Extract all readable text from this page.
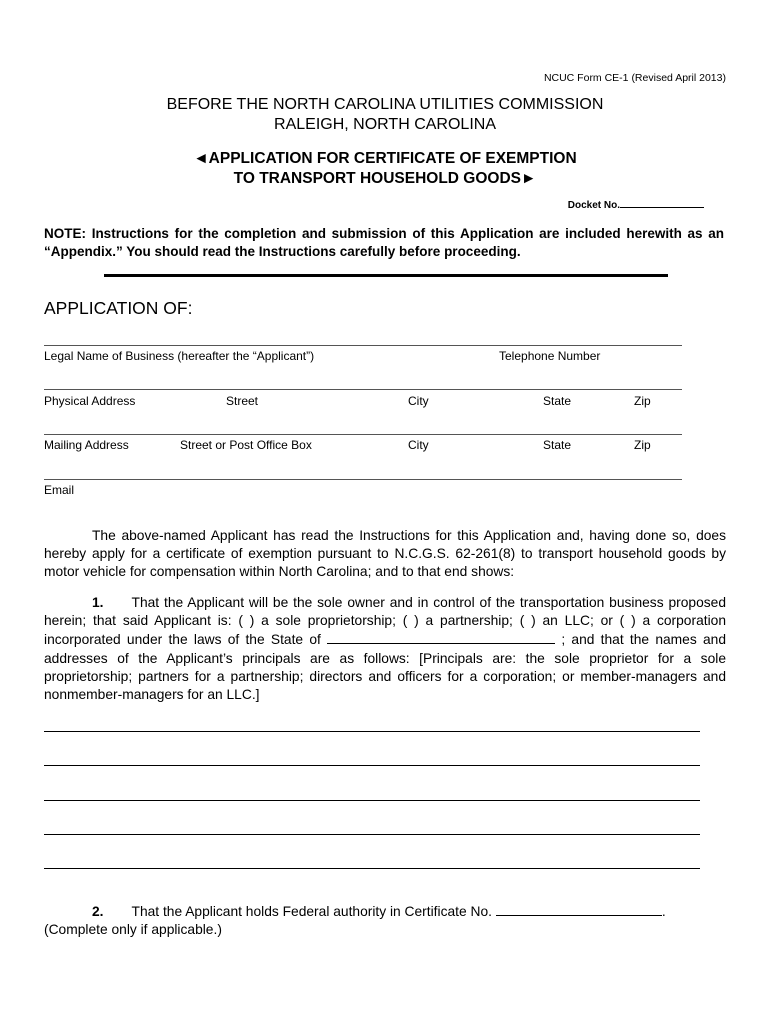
NCUC Form CE-1 (Revised April 2013)
BEFORE THE NORTH CAROLINA UTILITIES COMMISSION
RALEIGH, NORTH CAROLINA
◄APPLICATION FOR CERTIFICATE OF EXEMPTION
TO TRANSPORT HOUSEHOLD GOODS►
Docket No.
NOTE: Instructions for the completion and submission of this Application are included herewith as an “Appendix.” You should read the Instructions carefully before proceeding.
APPLICATION OF:
Legal Name of Business (hereafter the “Applicant”)	Telephone Number
Physical Address	Street	City	State	Zip
Mailing Address	Street or Post Office Box	City	State	Zip
Email
The above-named Applicant has read the Instructions for this Application and, having done so, does hereby apply for a certificate of exemption pursuant to N.C.G.S. 62-261(8) to transport household goods by motor vehicle for compensation within North Carolina; and to that end shows:
1. That the Applicant will be the sole owner and in control of the transportation business proposed herein; that said Applicant is: ( ) a sole proprietorship; ( ) a partnership; ( ) an LLC; or ( ) a corporation incorporated under the laws of the State of	; and that the names and addresses of the Applicant’s principals are as follows: [Principals are: the sole proprietor for a sole proprietorship; partners for a partnership; directors and officers for a corporation; or member-managers and nonmember-managers for an LLC.]
2. That the Applicant holds Federal authority in Certificate No.	.
(Complete only if applicable.)
